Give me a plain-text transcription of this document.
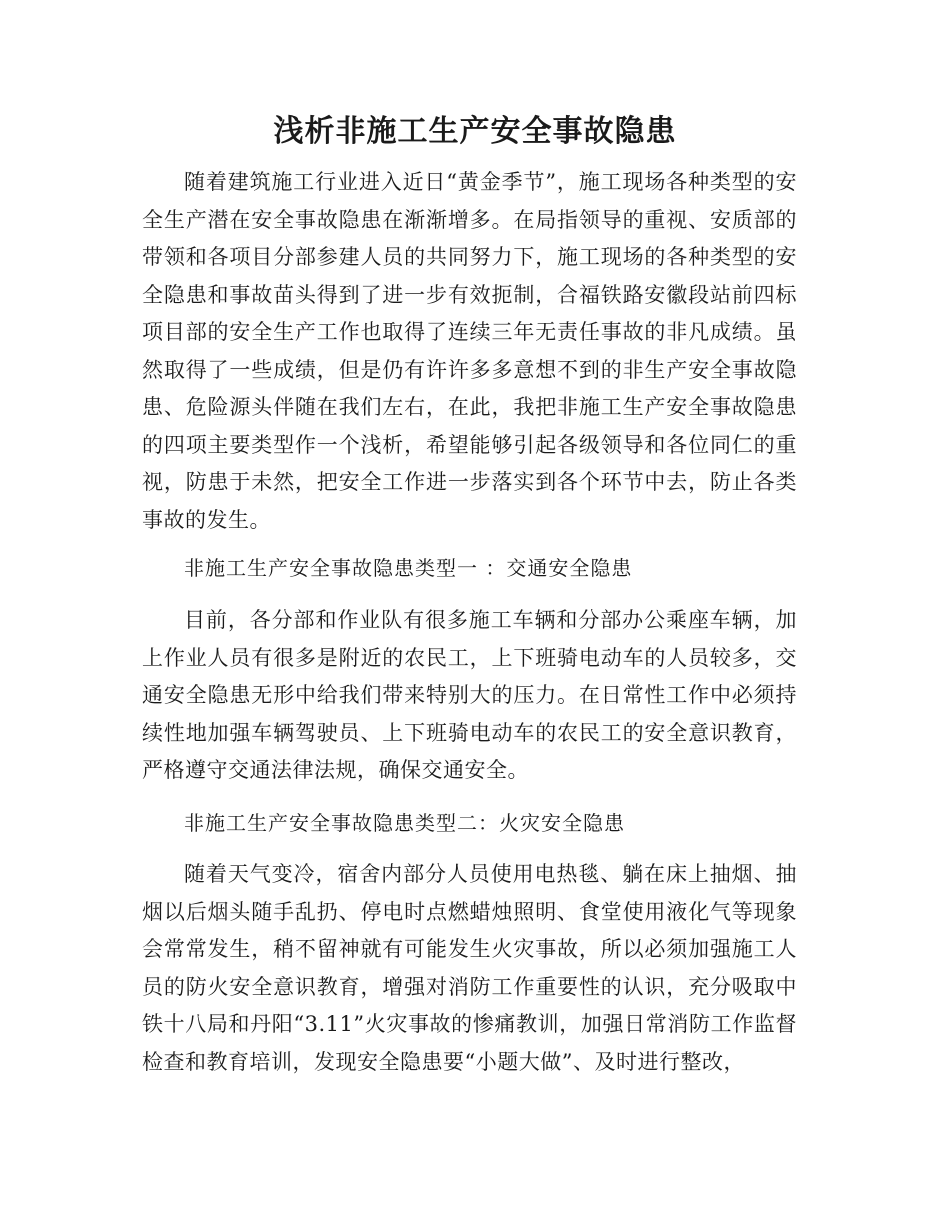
浅析非施工生产安全事故隐患

随着建筑施工行业进入近日“黄金季节”，施工现场各种类型的安全生产潜在安全事故隐患在渐渐增多。在局指领导的重视、安质部的带领和各项目分部参建人员的共同努力下，施工现场的各种类型的安全隐患和事故苗头得到了进一步有效扼制，合福铁路安徽段站前四标项目部的安全生产工作也取得了连续三年无责任事故的非凡成绩。虽然取得了一些成绩，但是仍有许许多多意想不到的非生产安全事故隐患、危险源头伴随在我们左右，在此，我把非施工生产安全事故隐患的四项主要类型作一个浅析，希望能够引起各级领导和各位同仁的重视，防患于未然，把安全工作进一步落实到各个环节中去，防止各类事故的发生。

非施工生产安全事故隐患类型一 ：交通安全隐患

目前，各分部和作业队有很多施工车辆和分部办公乘座车辆，加上作业人员有很多是附近的农民工，上下班骑电动车的人员较多，交通安全隐患无形中给我们带来特别大的压力。在日常性工作中必须持续性地加强车辆驾驶员、上下班骑电动车的农民工的安全意识教育，严格遵守交通法律法规，确保交通安全。

非施工生产安全事故隐患类型二：火灾安全隐患

随着天气变冷，宿舍内部分人员使用电热毯、躺在床上抽烟、抽烟以后烟头随手乱扔、停电时点燃蜡烛照明、食堂使用液化气等现象会常常发生，稍不留神就有可能发生火灾事故，所以必须加强施工人员的防火安全意识教育，增强对消防工作重要性的认识，充分吸取中铁十八局和丹阳“3.11”火灾事故的惨痛教训，加强日常消防工作监督检查和教育培训，发现安全隐患要“小题大做”、及时进行整改，
